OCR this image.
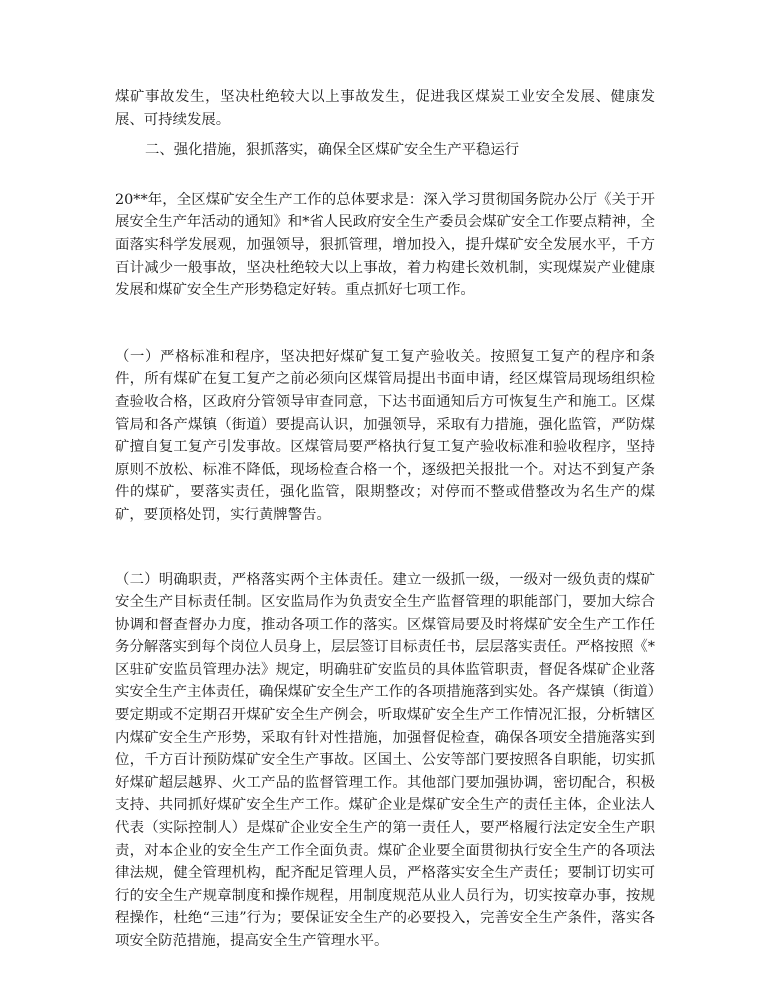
煤矿事故发生，坚决杜绝较大以上事故发生，促进我区煤炭工业安全发展、健康发展、可持续发展。

二、强化措施，狠抓落实，确保全区煤矿安全生产平稳运行

20**年，全区煤矿安全生产工作的总体要求是：深入学习贯彻国务院办公厅《关于开展安全生产年活动的通知》和*省人民政府安全生产委员会煤矿安全工作要点精神，全面落实科学发展观，加强领导，狠抓管理，增加投入，提升煤矿安全发展水平，千方百计减少一般事故，坚决杜绝较大以上事故，着力构建长效机制，实现煤炭产业健康发展和煤矿安全生产形势稳定好转。重点抓好七项工作。

（一）严格标准和程序，坚决把好煤矿复工复产验收关。按照复工复产的程序和条件，所有煤矿在复工复产之前必须向区煤管局提出书面申请，经区煤管局现场组织检查验收合格，区政府分管领导审查同意，下达书面通知后方可恢复生产和施工。区煤管局和各产煤镇（街道）要提高认识，加强领导，采取有力措施，强化监管，严防煤矿擅自复工复产引发事故。区煤管局要严格执行复工复产验收标准和验收程序，坚持原则不放松、标准不降低，现场检查合格一个，逐级把关报批一个。对达不到复产条件的煤矿，要落实责任，强化监管，限期整改；对停而不整或借整改为名生产的煤矿，要顶格处罚，实行黄牌警告。

（二）明确职责，严格落实两个主体责任。建立一级抓一级，一级对一级负责的煤矿安全生产目标责任制。区安监局作为负责安全生产监督管理的职能部门，要加大综合协调和督查督办力度，推动各项工作的落实。区煤管局要及时将煤矿安全生产工作任务分解落实到每个岗位人员身上，层层签订目标责任书，层层落实责任。严格按照《*区驻矿安监员管理办法》规定，明确驻矿安监员的具体监管职责，督促各煤矿企业落实安全生产主体责任，确保煤矿安全生产工作的各项措施落到实处。各产煤镇（街道）要定期或不定期召开煤矿安全生产例会，听取煤矿安全生产工作情况汇报，分析辖区内煤矿安全生产形势，采取有针对性措施，加强督促检查，确保各项安全措施落实到位，千方百计预防煤矿安全生产事故。区国土、公安等部门要按照各自职能，切实抓好煤矿超层越界、火工产品的监督管理工作。其他部门要加强协调，密切配合，积极支持、共同抓好煤矿安全生产工作。煤矿企业是煤矿安全生产的责任主体，企业法人代表（实际控制人）是煤矿企业安全生产的第一责任人，要严格履行法定安全生产职责，对本企业的安全生产工作全面负责。煤矿企业要全面贯彻执行安全生产的各项法律法规，健全管理机构，配齐配足管理人员，严格落实安全生产责任；要制订切实可行的安全生产规章制度和操作规程，用制度规范从业人员行为，切实按章办事，按规程操作，杜绝“三违”行为；要保证安全生产的必要投入，完善安全生产条件，落实各项安全防范措施，提高安全生产管理水平。
